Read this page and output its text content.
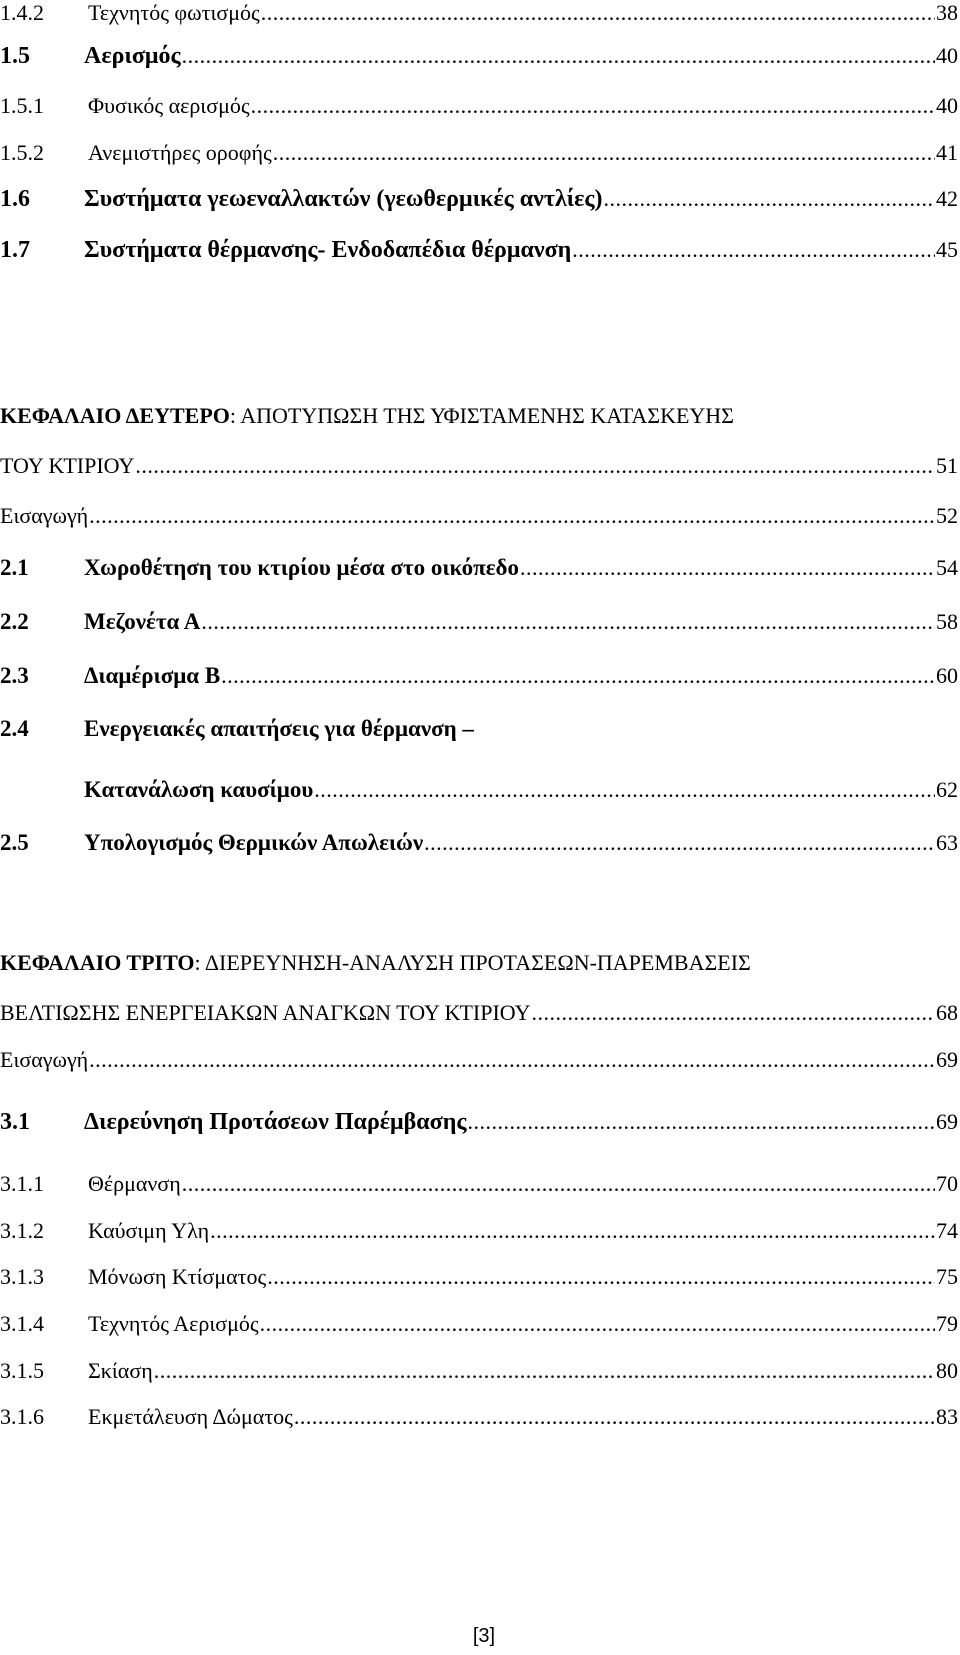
1.4.2	Τεχνητός φωτισμός .....	38
1.5	Αερισμός .....	40
1.5.1	Φυσικός αερισμός .....	40
1.5.2	Ανεμιστήρες οροφής .....	41
1.6	Συστήματα γεωεναλλακτών (γεωθερμικές αντλίες) .....	42
1.7	Συστήματα θέρμανσης- Ενδοδαπέδια θέρμανση .....	45
ΚΕΦΑΛΑΙΟ ΔΕΥΤΕΡΟ: ΑΠΟΤΥΠΩΣΗ ΤΗΣ ΥΦΙΣΤΑΜΕΝΗΣ ΚΑΤΑΣΚΕΥΗΣ
ΤΟΥ ΚΤΙΡΙΟΥ .....	51
Εισαγωγή .....	52
2.1	Χωροθέτηση του κτιρίου μέσα στο οικόπεδο .....	54
2.2	Μεζονέτα Α .....	58
2.3	Διαμέρισμα Β .....	60
2.4	Ενεργειακές απαιτήσεις για θέρμανση –
Κατανάλωση καυσίμου .....	62
2.5	Υπολογισμός Θερμικών Απωλειών .....	63
ΚΕΦΑΛΑΙΟ ΤΡΙΤΟ: ΔΙΕΡΕΥΝΗΣΗ-ΑΝΑΛΥΣΗ ΠΡΟΤΑΣΕΩΝ-ΠΑΡΕΜΒΑΣΕΙΣ
ΒΕΛΤΙΩΣΗΣ ΕΝΕΡΓΕΙΑΚΩΝ ΑΝΑΓΚΩΝ ΤΟΥ ΚΤΙΡΙΟΥ .....	68
Εισαγωγή .....	69
3.1	Διερεύνηση Προτάσεων Παρέμβασης .....	69
3.1.1	Θέρμανση .....	70
3.1.2	Καύσιμη Υλη .....	74
3.1.3	Μόνωση Κτίσματος .....	75
3.1.4	Τεχνητός Αερισμός .....	79
3.1.5	Σκίαση .....	80
3.1.6	Εκμετάλευση Δώματος .....	83
[3]
